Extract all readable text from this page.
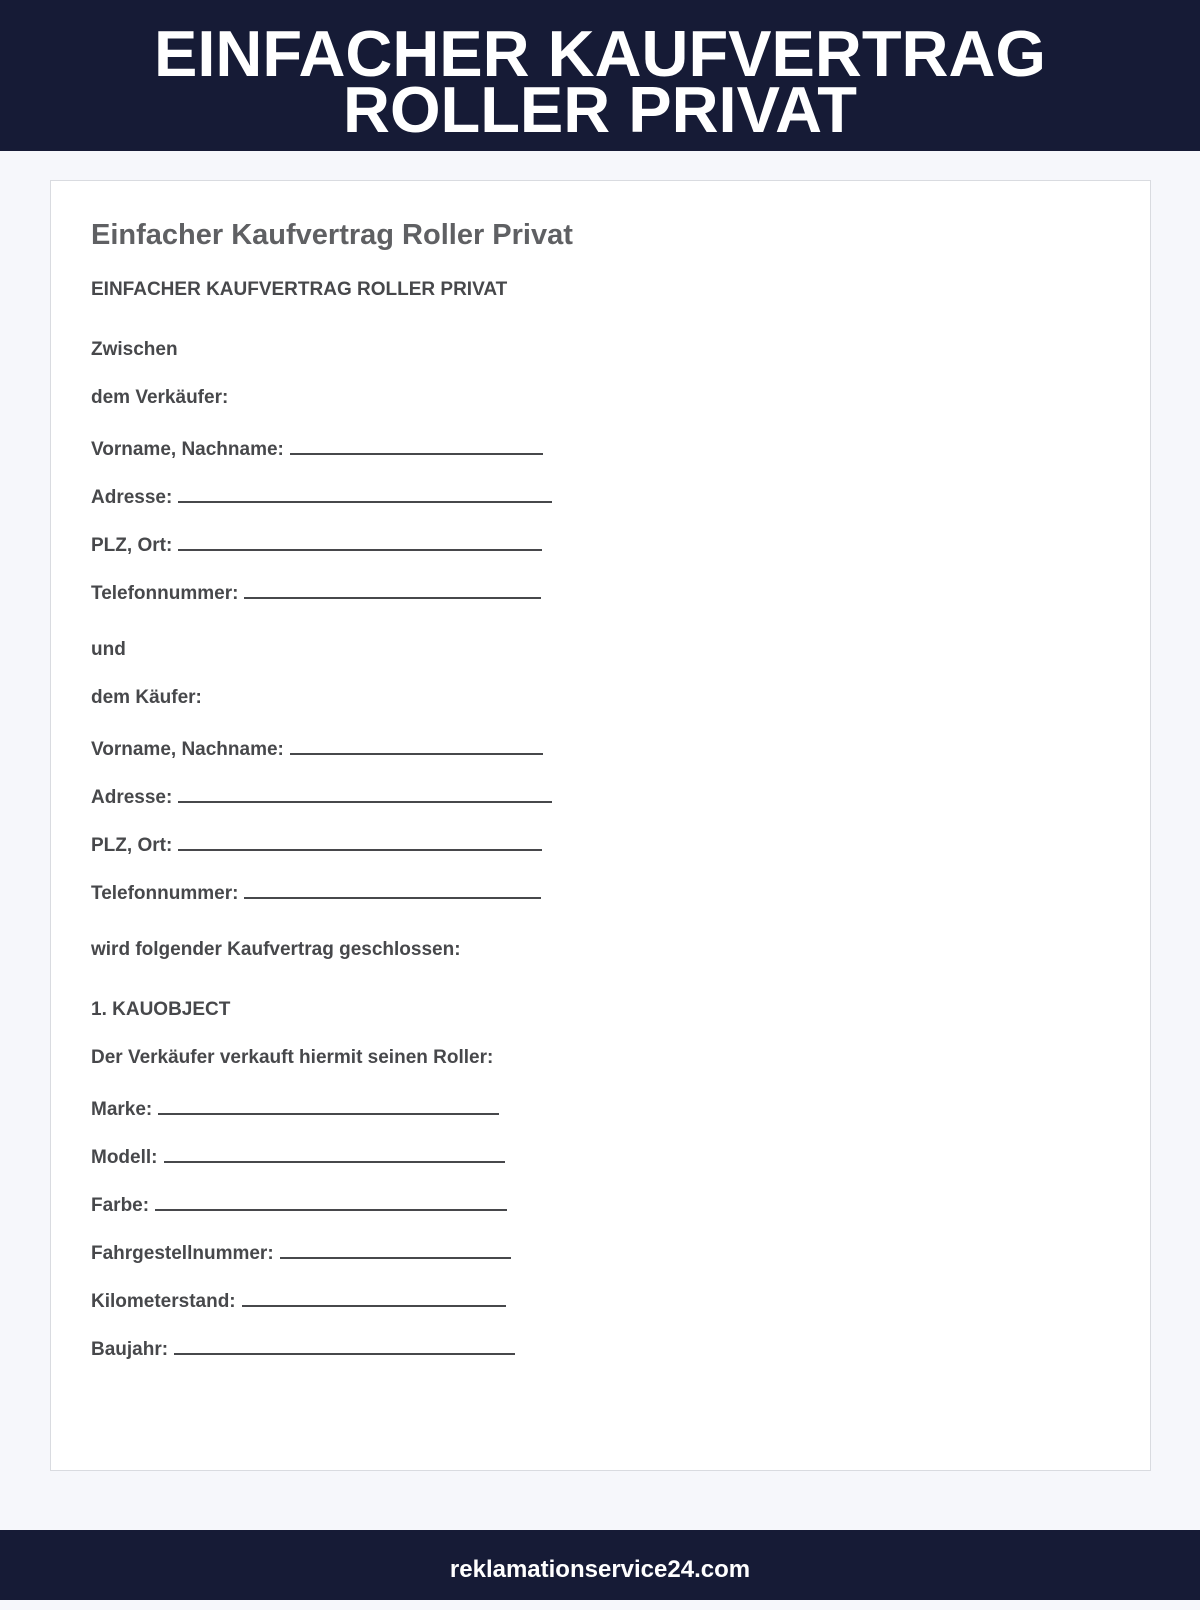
EINFACHER KAUFVERTRAG
ROLLER PRIVAT
Einfacher Kaufvertrag Roller Privat

EINFACHER KAUFVERTRAG ROLLER PRIVAT

Zwischen

dem Verkäufer:

Vorname, Nachname:

Adresse:

PLZ, Ort:

Telefonnummer:

und

dem Käufer:

Vorname, Nachname:

Adresse:

PLZ, Ort:

Telefonnummer:

wird folgender Kaufvertrag geschlossen:

1. KAUOBJECT

Der Verkäufer verkauft hiermit seinen Roller:

Marke:

Modell:

Farbe:

Fahrgestellnummer:

Kilometerstand:

Baujahr:

reklamationservice24.com
